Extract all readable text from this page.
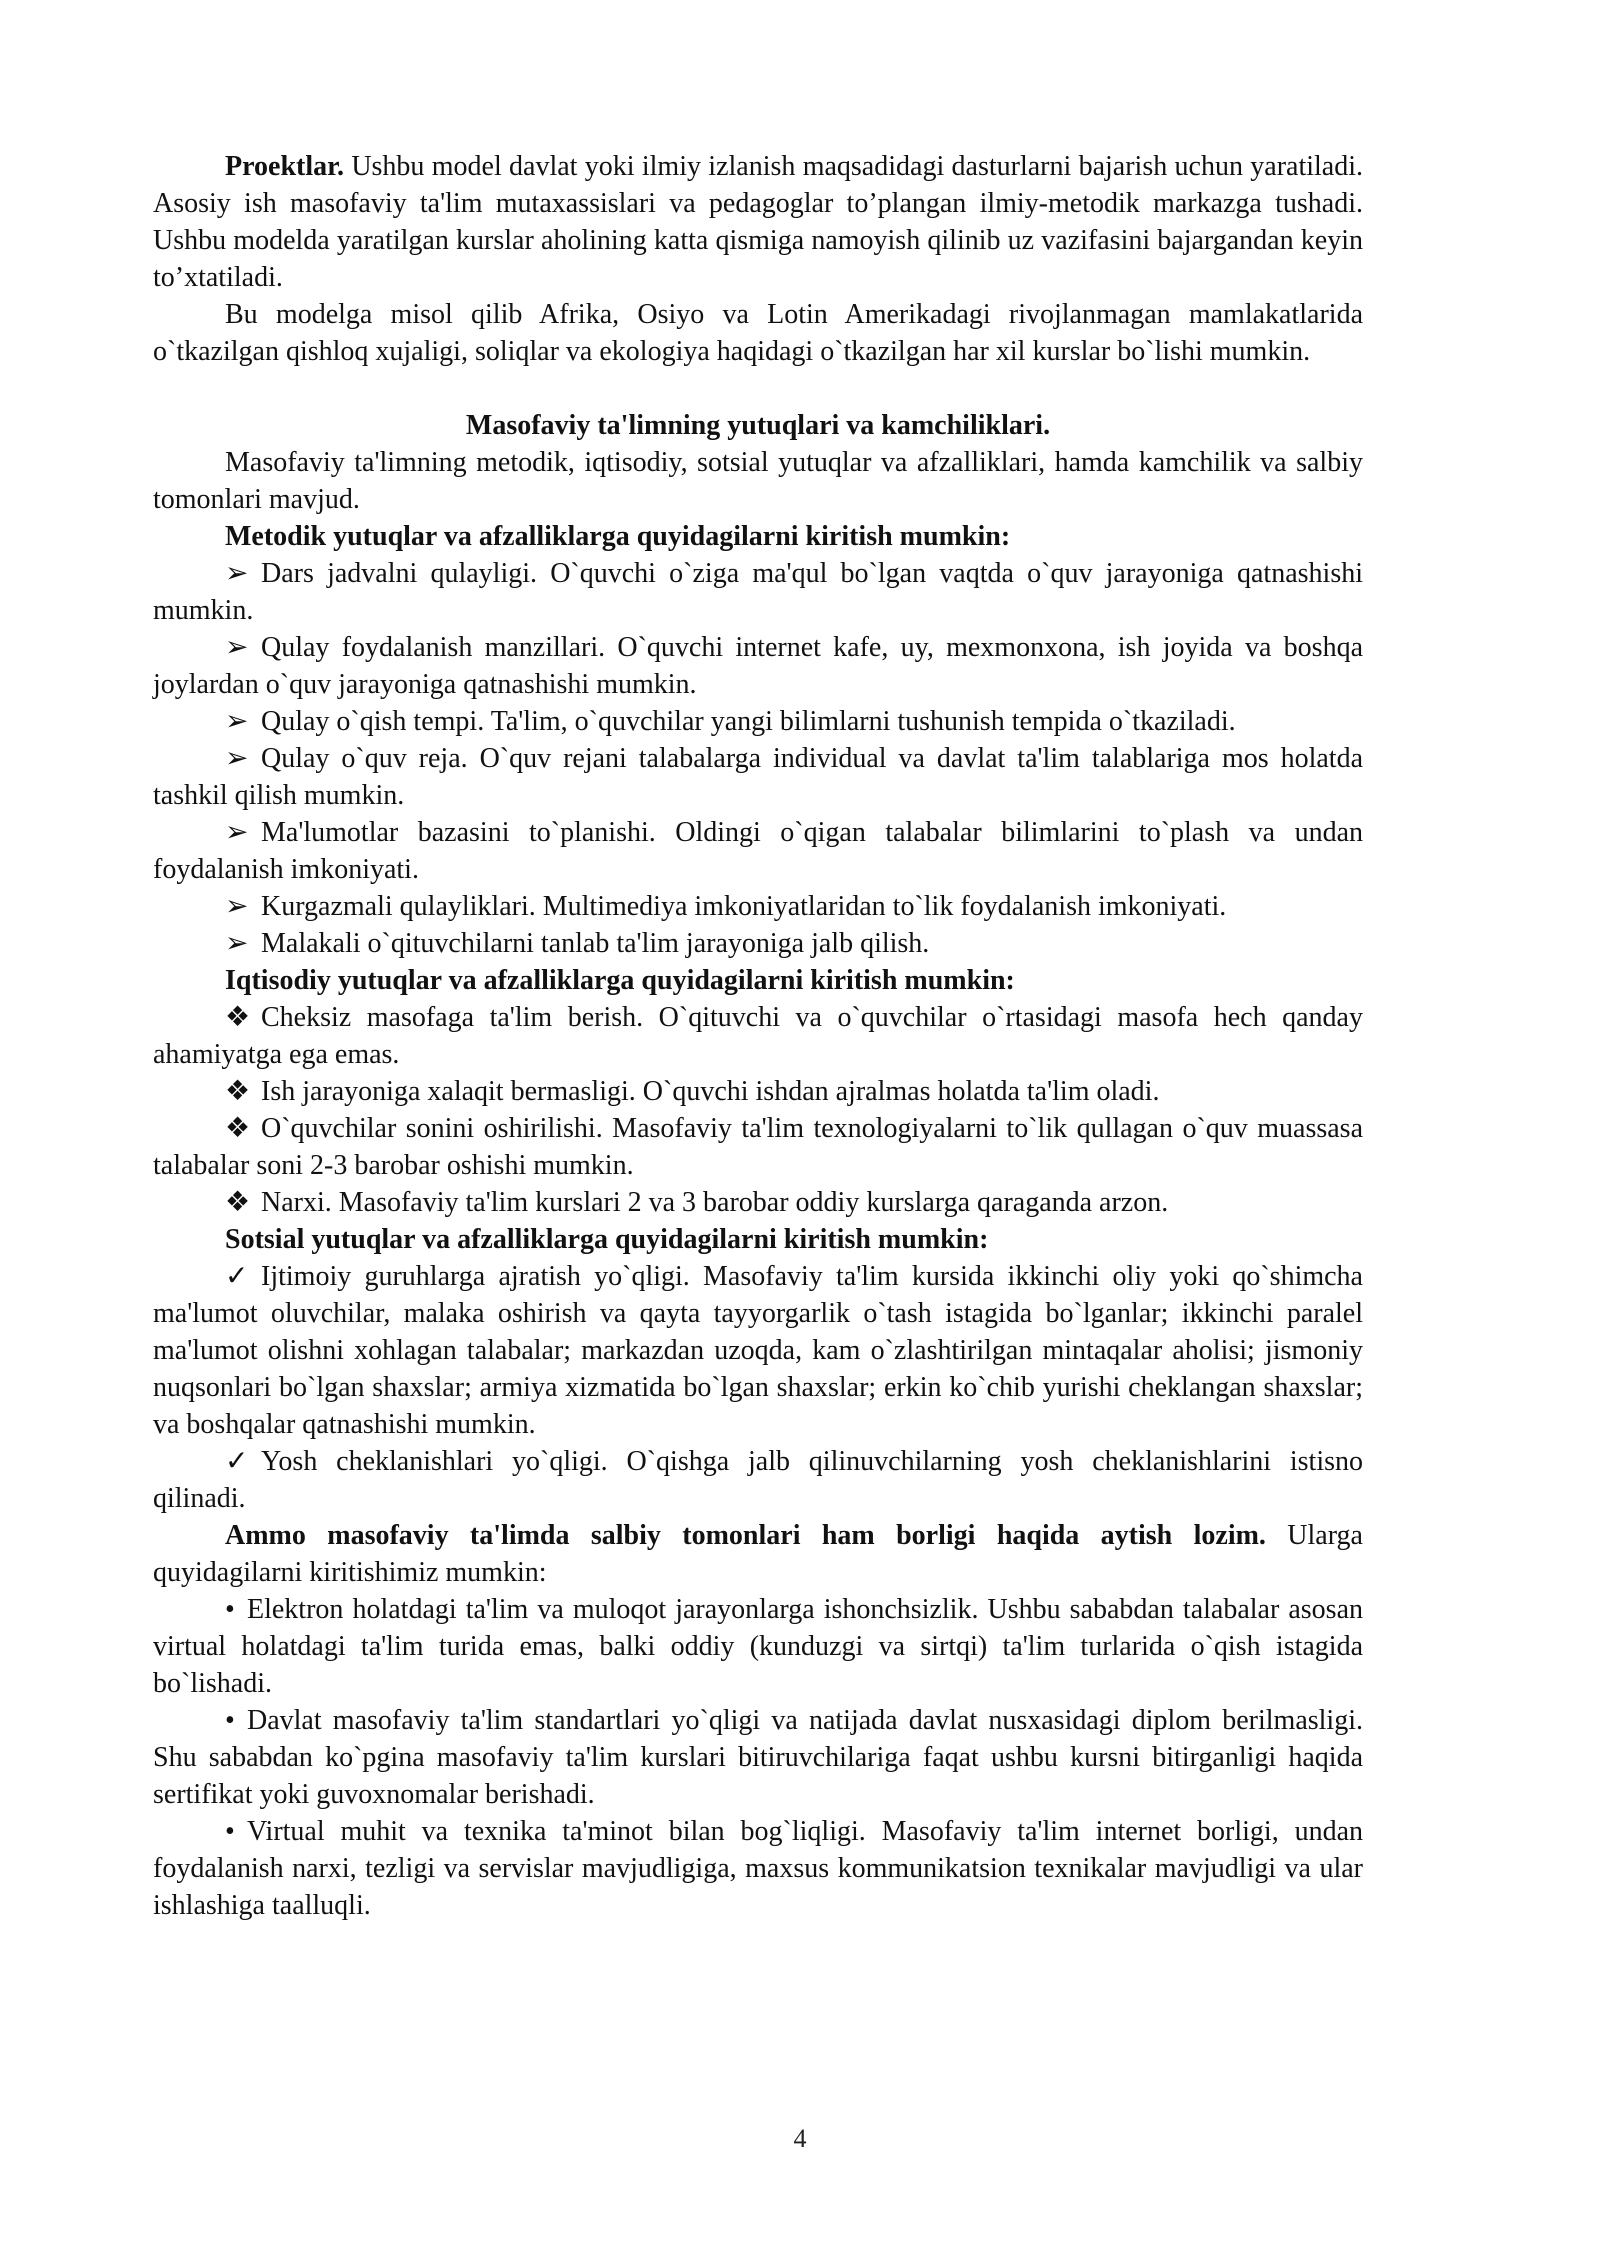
Proektlar. Ushbu model davlat yoki ilmiy izlanish maqsadidagi dasturlarni bajarish uchun yaratiladi. Asosiy ish masofaviy ta'lim mutaxassislari va pedagoglar to’plangan ilmiy-metodik markazga tushadi. Ushbu modelda yaratilgan kurslar aholining katta qismiga namoyish qilinib uz vazifasini bajargandan keyin to’xtatiladi.

Bu modelga misol qilib Afrika, Osiyo va Lotin Amerikadagi rivojlanmagan mamlakatlarida o`tkazilgan qishloq xujaligi, soliqlar va ekologiya haqidagi o`tkazilgan har xil kurslar bo`lishi mumkin.

Masofaviy ta'limning yutuqlari va kamchiliklari.

Masofaviy ta'limning metodik, iqtisodiy, sotsial yutuqlar va afzalliklari, hamda kamchilik va salbiy tomonlari mavjud.

Metodik yutuqlar va afzalliklarga quyidagilarni kiritish mumkin:

➢ Dars jadvalni qulayligi. O`quvchi o`ziga ma'qul bo`lgan vaqtda o`quv jarayoniga qatnashishi mumkin.

➢ Qulay foydalanish manzillari. O`quvchi internet kafe, uy, mexmonxona, ish joyida va boshqa joylardan o`quv jarayoniga qatnashishi mumkin.

➢ Qulay o`qish tempi. Ta'lim, o`quvchilar yangi bilimlarni tushunish tempida o`tkaziladi.

➢ Qulay o`quv reja. O`quv rejani talabalarga individual va davlat ta'lim talablariga mos holatda tashkil qilish mumkin.

➢ Ma'lumotlar bazasini to`planishi. Oldingi o`qigan talabalar bilimlarini to`plash va undan foydalanish imkoniyati.

➢ Kurgazmali qulayliklari. Multimediya imkoniyatlaridan to`lik foydalanish imkoniyati.

➢ Malakali o`qituvchilarni tanlab ta'lim jarayoniga jalb qilish.

Iqtisodiy yutuqlar va afzalliklarga quyidagilarni kiritish mumkin:

❖ Cheksiz masofaga ta'lim berish. O`qituvchi va o`quvchilar o`rtasidagi masofa hech qanday ahamiyatga ega emas.

❖ Ish jarayoniga xalaqit bermasligi. O`quvchi ishdan ajralmas holatda ta'lim oladi.

❖ O`quvchilar sonini oshirilishi. Masofaviy ta'lim texnologiyalarni to`lik qullagan o`quv muassasa talabalar soni 2-3 barobar oshishi mumkin.

❖ Narxi. Masofaviy ta'lim kurslari 2 va 3 barobar oddiy kurslarga qaraganda arzon.

Sotsial yutuqlar va afzalliklarga quyidagilarni kiritish mumkin:

✓ Ijtimoiy guruhlarga ajratish yo`qligi. Masofaviy ta'lim kursida ikkinchi oliy yoki qo`shimcha ma'lumot oluvchilar, malaka oshirish va qayta tayyorgarlik o`tash istagida bo`lganlar; ikkinchi paralel ma'lumot olishni xohlagan talabalar; markazdan uzoqda, kam o`zlashtirilgan mintaqalar aholisi; jismoniy nuqsonlari bo`lgan shaxslar; armiya xizmatida bo`lgan shaxslar; erkin ko`chib yurishi cheklangan shaxslar; va boshqalar qatnashishi mumkin.

✓ Yosh cheklanishlari yo`qligi. O`qishga jalb qilinuvchilarning yosh cheklanishlarini istisno qilinadi.

Ammo masofaviy ta'limda salbiy tomonlari ham borligi haqida aytish lozim. Ularga quyidagilarni kiritishimiz mumkin:

• Elektron holatdagi ta'lim va muloqot jarayonlarga ishonchsizlik. Ushbu sababdan talabalar asosan virtual holatdagi ta'lim turida emas, balki oddiy (kunduzgi va sirtqi) ta'lim turlarida o`qish istagida bo`lishadi.

• Davlat masofaviy ta'lim standartlari yo`qligi va natijada davlat nusxasidagi diplom berilmasligi. Shu sababdan ko`pgina masofaviy ta'lim kurslari bitiruvchilariga faqat ushbu kursni bitirganligi haqida sertifikat yoki guvoxnomalar berishadi.

• Virtual muhit va texnika ta'minot bilan bog`liqligi. Masofaviy ta'lim internet borligi, undan foydalanish narxi, tezligi va servislar mavjudligiga, maxsus kommunikatsion texnikalar mavjudligi va ular ishlashiga taalluqli.

4
